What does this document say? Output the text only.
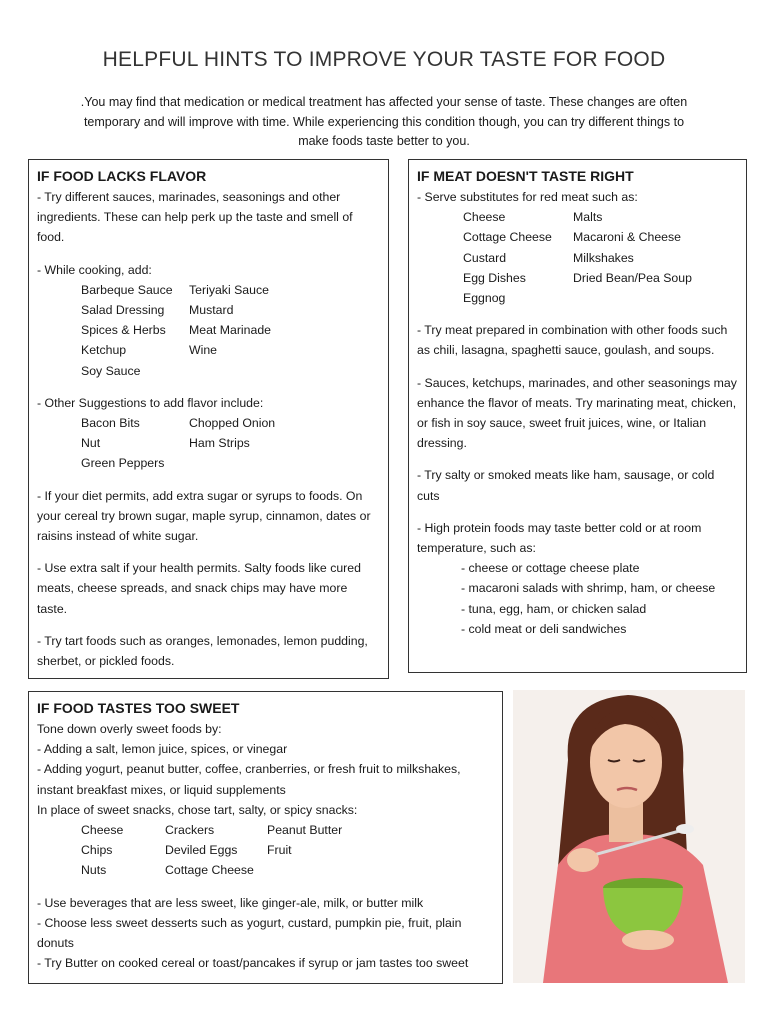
HELPFUL HINTS TO IMPROVE YOUR TASTE FOR FOOD
.You may find that medication or medical treatment has affected your sense of taste. These changes are often temporary and will improve with time. While experiencing this condition though, you can try different things to make foods taste better to you.
IF FOOD LACKS FLAVOR

- Try different sauces, marinades, seasonings and other ingredients. These can help perk up the taste and smell of food.

- While cooking, add:

Barbeque Sauce	Teriyaki Sauce
Salad Dressing	Mustard
Spices & Herbs	Meat Marinade
Ketchup	Wine
Soy Sauce

- Other Suggestions to add flavor include:

Bacon Bits	Chopped Onion
Nut	Ham Strips
Green Peppers

- If your diet permits, add extra sugar or syrups to foods. On your cereal try brown sugar, maple syrup, cinnamon, dates or raisins instead of white sugar.

- Use extra salt if your health permits. Salty foods like cured meats, cheese spreads, and snack chips may have more taste.

- Try tart foods such as oranges, lemonades, lemon pudding, sherbet, or pickled foods.

IF MEAT DOESN'T TASTE RIGHT

- Serve substitutes for red meat such as:

Cheese	Malts
Cottage Cheese	Macaroni & Cheese
Custard	Milkshakes
Egg Dishes	Dried Bean/Pea Soup
Eggnog

- Try meat prepared in combination with other foods such as chili, lasagna, spaghetti sauce, goulash, and soups.

- Sauces, ketchups, marinades, and other seasonings may enhance the flavor of meats. Try marinating meat, chicken, or fish in soy sauce, sweet fruit juices, wine, or Italian dressing.

- Try salty or smoked meats like ham, sausage, or cold cuts

- High protein foods may taste better cold or at room temperature, such as:

- cheese or cottage cheese plate
- macaroni salads with shrimp, ham, or cheese
- tuna, egg, ham, or chicken salad
- cold meat or deli sandwiches
IF FOOD TASTES TOO SWEET

Tone down overly sweet foods by:

- Adding a salt, lemon juice, spices, or vinegar

- Adding yogurt, peanut butter, coffee, cranberries, or fresh fruit to milkshakes, instant breakfast mixes, or liquid supplements

In place of sweet snacks, chose tart, salty, or spicy snacks:

Cheese	Crackers	Peanut Butter
Chips	Deviled Eggs	Fruit
Nuts	Cottage Cheese

- Use beverages that are less sweet, like ginger-ale, milk, or butter milk

- Choose less sweet desserts such as yogurt, custard, pumpkin pie, fruit, plain donuts

- Try Butter on cooked cereal or toast/pancakes if syrup or jam tastes too sweet
